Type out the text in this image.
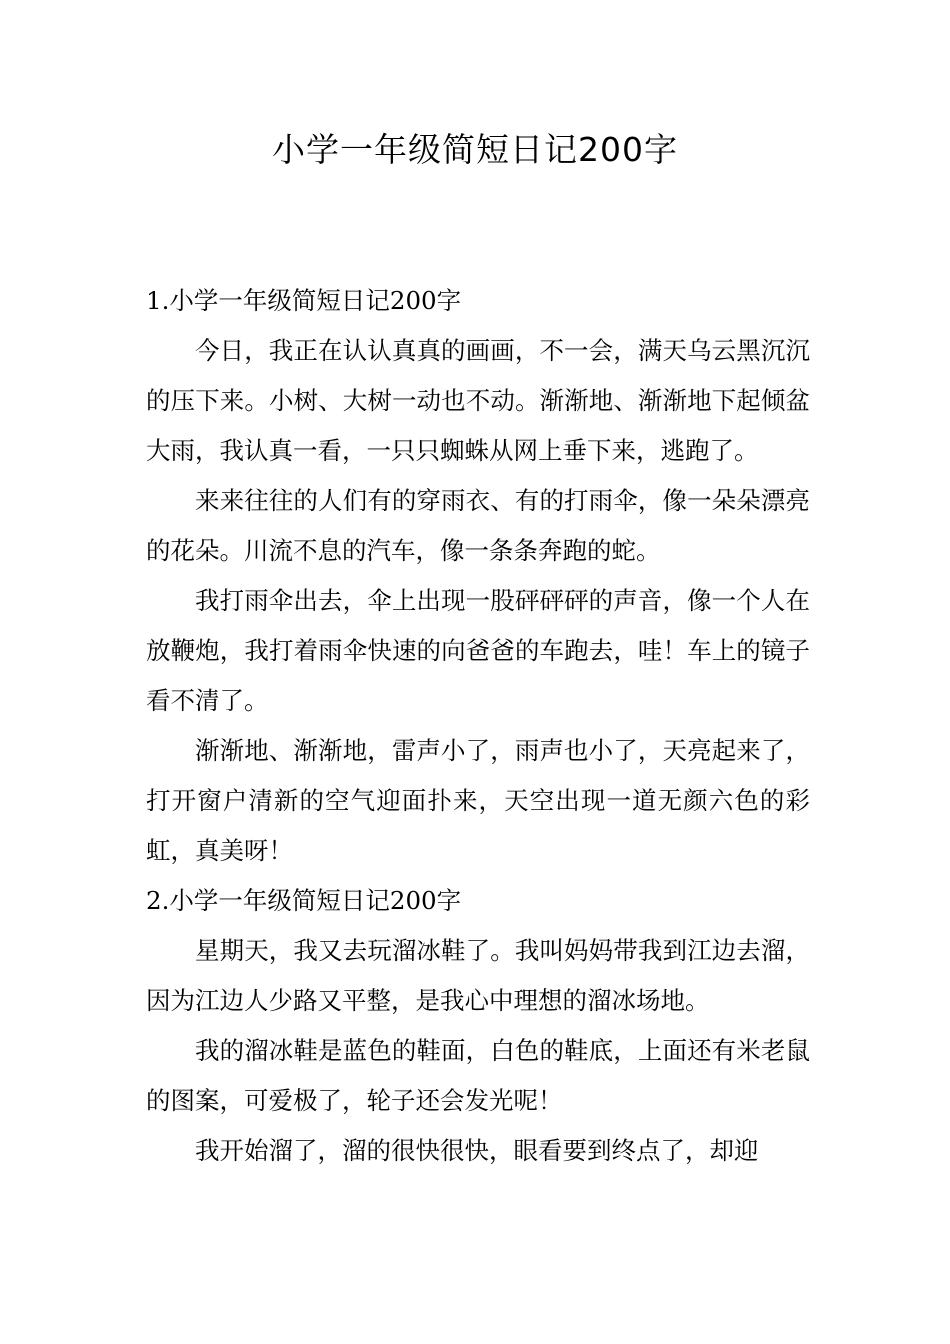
小学一年级简短日记200字
1.小学一年级简短日记200字

今日，我正在认认真真的画画，不一会，满天乌云黑沉沉的压下来。小树、大树一动也不动。渐渐地、渐渐地下起倾盆大雨，我认真一看，一只只蜘蛛从网上垂下来，逃跑了。

来来往往的人们有的穿雨衣、有的打雨伞，像一朵朵漂亮的花朵。川流不息的汽车，像一条条奔跑的蛇。

我打雨伞出去，伞上出现一股砰砰砰的声音，像一个人在放鞭炮，我打着雨伞快速的向爸爸的车跑去，哇！车上的镜子看不清了。

渐渐地、渐渐地，雷声小了，雨声也小了，天亮起来了，打开窗户清新的空气迎面扑来，天空出现一道无颜六色的彩虹，真美呀！

2.小学一年级简短日记200字

星期天，我又去玩溜冰鞋了。我叫妈妈带我到江边去溜，因为江边人少路又平整，是我心中理想的溜冰场地。

我的溜冰鞋是蓝色的鞋面，白色的鞋底，上面还有米老鼠的图案，可爱极了，轮子还会发光呢！

我开始溜了，溜的很快很快，眼看要到终点了，却迎
